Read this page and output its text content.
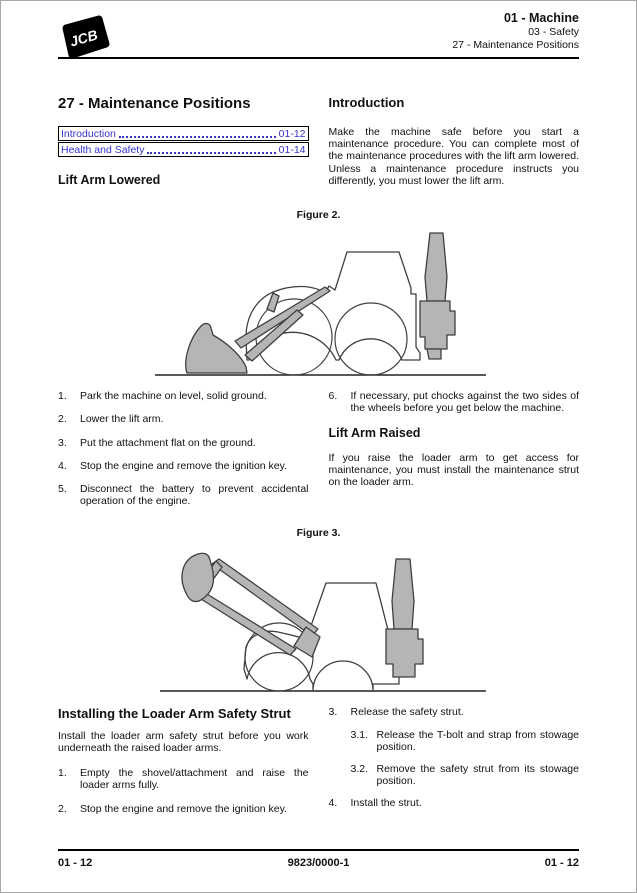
JCB
01 - Machine
03 - Safety
27 - Maintenance Positions
27 - Maintenance Positions
Introduction	01-12
Health and Safety	01-14
Lift Arm Lowered
Introduction

Make the machine safe before you start a maintenance procedure. You can complete most of the maintenance procedures with the lift arm lowered. Unless a maintenance procedure instructs you differently, you must lower the lift arm.

Figure 2.
1.	Park the machine on level, solid ground.
2.	Lower the lift arm.
3.	Put the attachment flat on the ground.
4.	Stop the engine and remove the ignition key.
5.	Disconnect the battery to prevent accidental operation of the engine.
6.	If necessary, put chocks against the two sides of the wheels before you get below the machine.
Lift Arm Raised

If you raise the loader arm to get access for maintenance, you must install the maintenance strut on the loader arm.

Figure 3.
Installing the Loader Arm Safety Strut

Install the loader arm safety strut before you work underneath the raised loader arms.

1.	Empty the shovel/attachment and raise the loader arms fully.
2.	Stop the engine and remove the ignition key.
3.	Release the safety strut.
3.1. Release the T-bolt and strap from stowage position.
3.2. Remove the safety strut from its stowage position.
4.	Install the strut.
01 - 12	9823/0000-1	01 - 12
